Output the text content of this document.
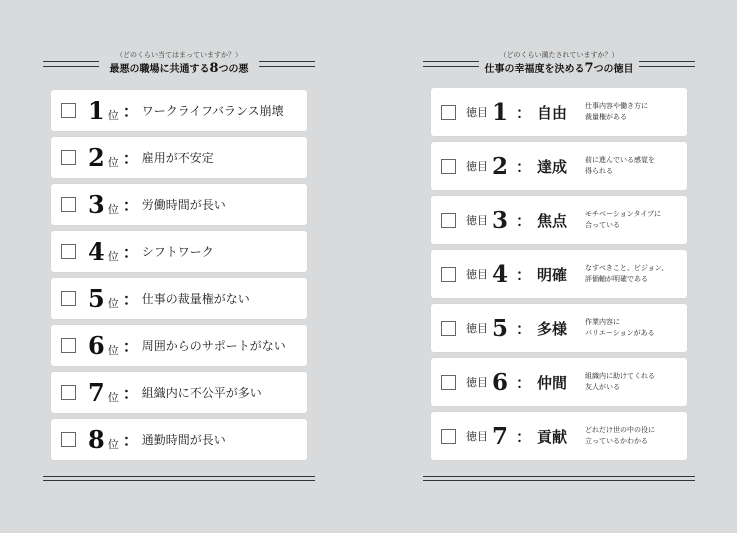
（どのくらい当てはまっていますか？）
最悪の職場に共通する8つの悪
1 位 ： ワークライフバランス崩壊
2 位 ： 雇用が不安定
3 位 ： 労働時間が長い
4 位 ： シフトワーク
5 位 ： 仕事の裁量権がない
6 位 ： 周囲からのサポートがない
7 位 ： 組織内に不公平が多い
8 位 ： 通勤時間が長い
（どのくらい満たされていますか？）
仕事の幸福度を決める7つの徳目
徳目 1 ： 自由	仕事内容や働き方に
裁量権がある
徳目 2 ： 達成	前に進んでいる感覚を
得られる
徳目 3 ： 焦点	モチベーションタイプに
合っている
徳目 4 ： 明確	なすべきこと、ビジョン、
評価軸が明確である
徳目 5 ： 多様	作業内容に
バリエーションがある
徳目 6 ： 仲間	組織内に助けてくれる
友人がいる
徳目 7 ： 貢献	どれだけ世の中の役に
立っているかわかる
